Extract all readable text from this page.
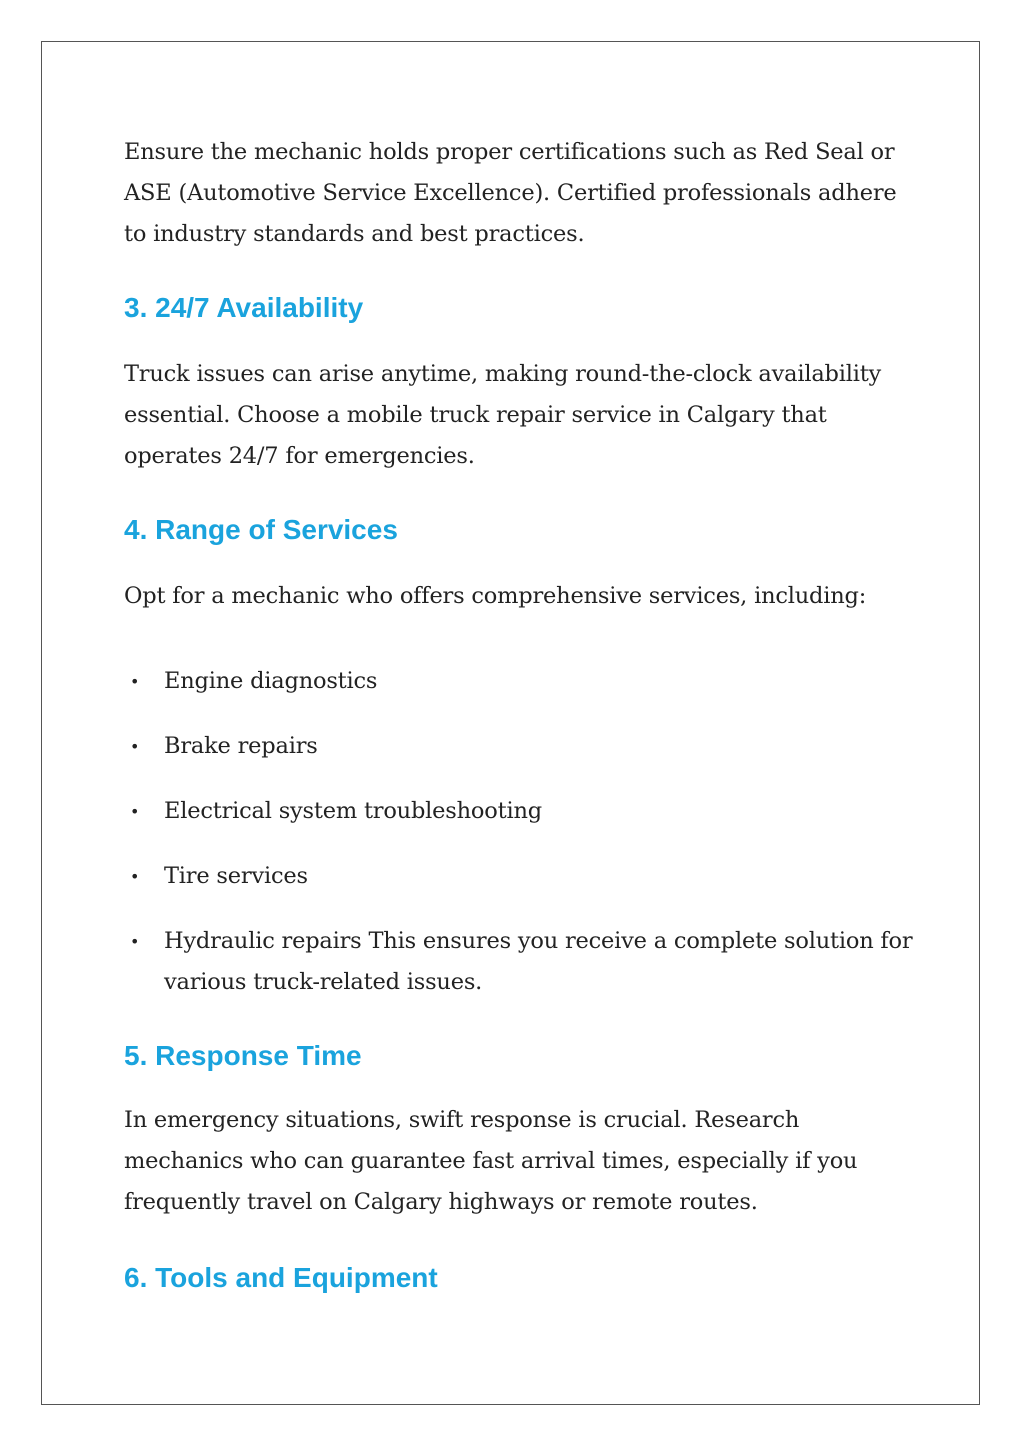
Ensure the mechanic holds proper certifications such as Red Seal or ASE (Automotive Service Excellence). Certified professionals adhere to industry standards and best practices.

3. 24/7 Availability

Truck issues can arise anytime, making round-the-clock availability essential. Choose a mobile truck repair service in Calgary that operates 24/7 for emergencies.

4. Range of Services

Opt for a mechanic who offers comprehensive services, including:

• Engine diagnostics
• Brake repairs
• Electrical system troubleshooting
• Tire services
• Hydraulic repairs This ensures you receive a complete solution for various truck-related issues.
5. Response Time

In emergency situations, swift response is crucial. Research mechanics who can guarantee fast arrival times, especially if you frequently travel on Calgary highways or remote routes.

6. Tools and Equipment
